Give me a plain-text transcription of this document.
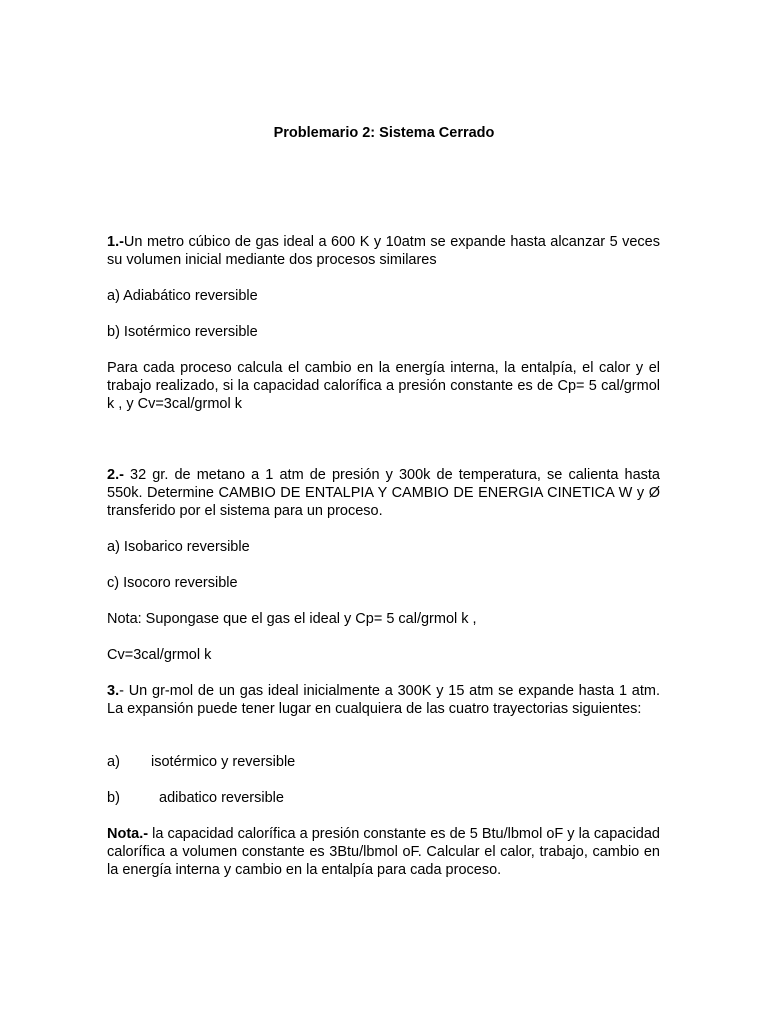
Problemario 2: Sistema Cerrado

1.-Un metro cúbico de gas ideal a 600 K y 10atm se expande hasta alcanzar 5 veces su volumen inicial mediante dos procesos similares

a) Adiabático reversible

b) Isotérmico reversible

Para cada proceso calcula el cambio en la energía interna, la entalpía, el calor y el trabajo realizado, si la capacidad calorífica a presión constante es de Cp= 5 cal/grmol k , y Cv=3cal/grmol k

2.- 32 gr. de metano a 1 atm de presión y 300k de temperatura, se calienta hasta 550k. Determine CAMBIO DE ENTALPIA Y CAMBIO DE ENERGIA CINETICA W y Ø transferido por el sistema para un proceso.

a) Isobarico reversible

c) Isocoro reversible

Nota: Supongase que el gas el ideal y Cp= 5 cal/grmol k ,

Cv=3cal/grmol k

3.- Un gr-mol de un gas ideal inicialmente a 300K y 15 atm se expande hasta 1 atm. La expansión puede tener lugar en cualquiera de las cuatro trayectorias siguientes:

a) isotérmico y reversible

b) adibatico reversible

Nota.- la capacidad calorífica a presión constante es de 5 Btu/lbmol oF y la capacidad calorífica a volumen constante es 3Btu/lbmol oF. Calcular el calor, trabajo, cambio en la energía interna y cambio en la entalpía para cada proceso.
